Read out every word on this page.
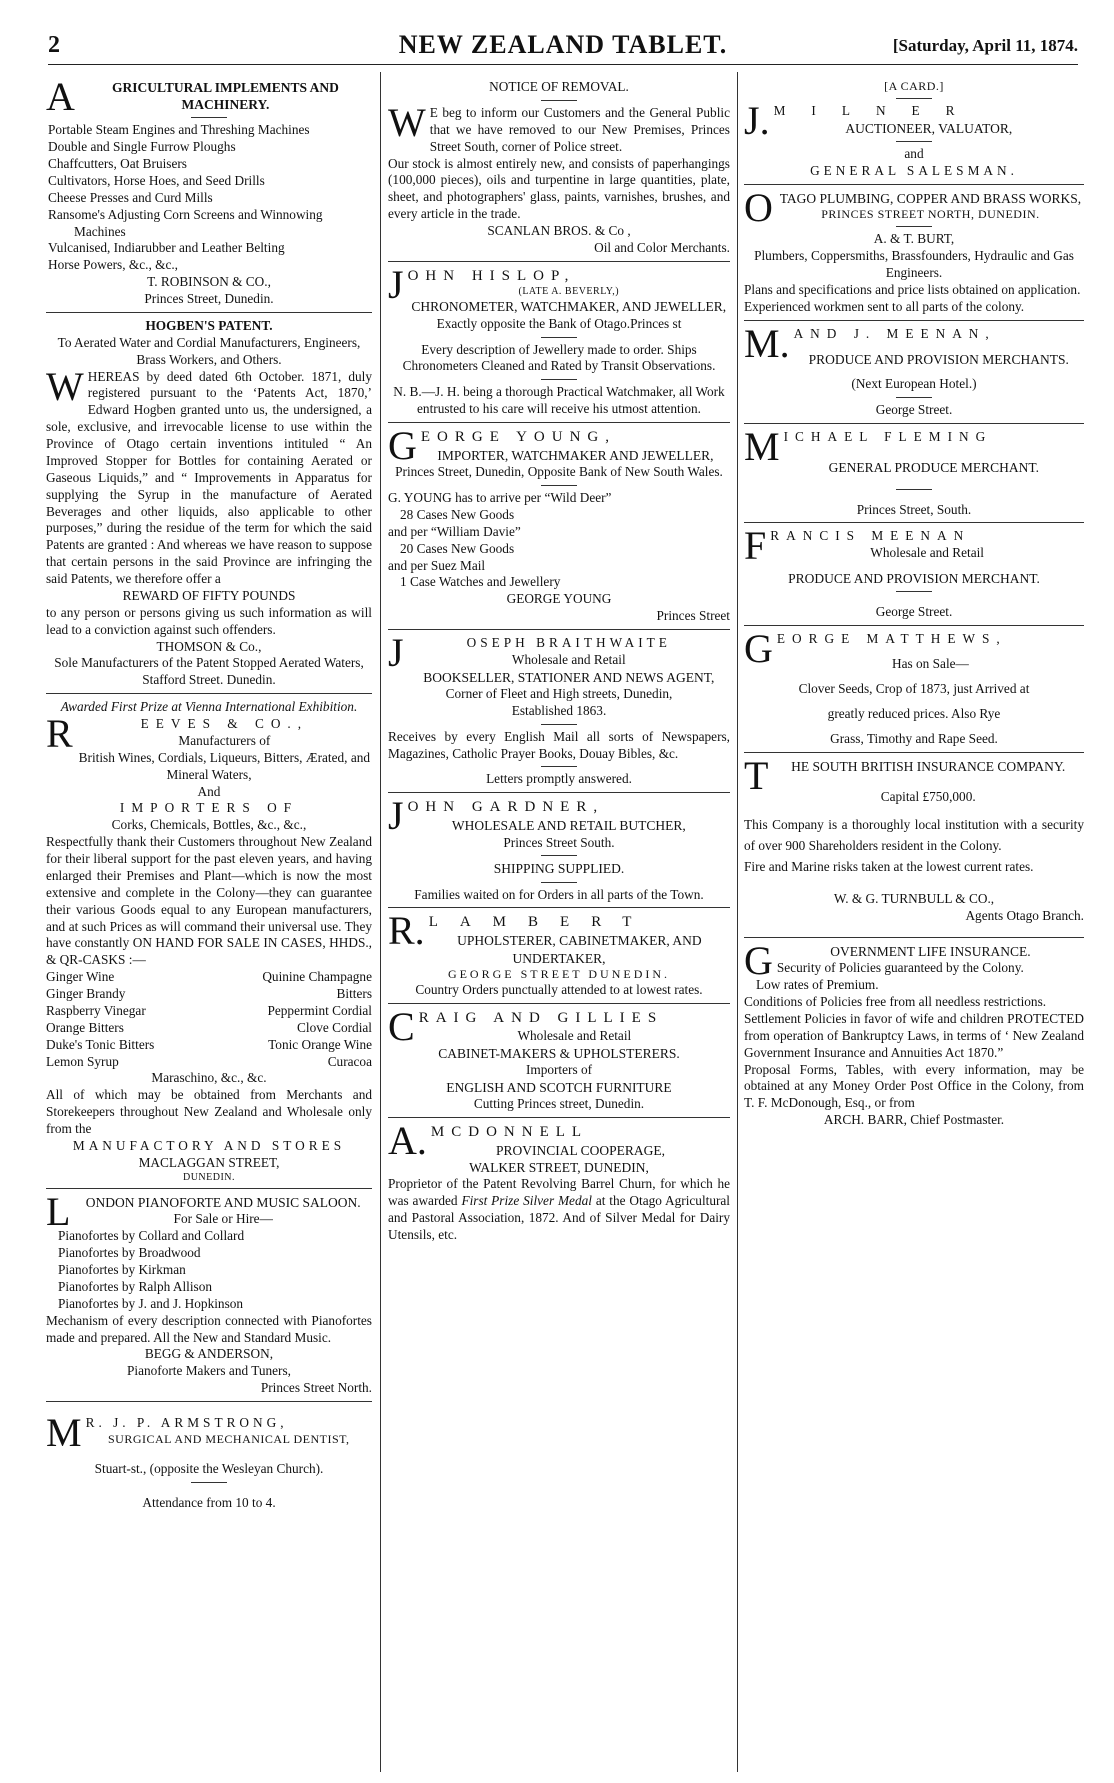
2	NEW ZEALAND TABLET.	[Saturday, April 11, 1874.
A	GRICULTURAL IMPLEMENTS AND MACHINERY.

Portable Steam Engines and Threshing Machines

Double and Single Furrow Ploughs

Chaffcutters, Oat Bruisers

Cultivators, Horse Hoes, and Seed Drills

Cheese Presses and Curd Mills

Ransome's Adjusting Corn Screens and Winnowing Machines

Vulcanised, Indiarubber and Leather Belting

Horse Powers, &c., &c.,

T. ROBINSON & CO.,
Princes Street, Dunedin.
HOGBEN'S PATENT.
To Aerated Water and Cordial Manufacturers, Engineers, Brass Workers, and Others.
WHEREAS by deed dated 6th October. 1871, duly registered pursuant to the ‘Patents Act, 1870,’ Edward Hogben granted unto us, the undersigned, a sole, exclusive, and irrevocable license to use within the Province of Otago certain inventions intituled “ An Improved Stopper for Bottles for containing Aerated or Gaseous Liquids,” and “ Improvements in Apparatus for supplying the Syrup in the manufacture of Aerated Beverages and other liquids, also applicable to other purposes,” during the residue of the term for which the said Patents are granted : And whereas we have reason to suppose that certain persons in the said Province are infringing the said Patents, we therefore offer a
REWARD OF FIFTY POUNDS
to any person or persons giving us such information as will lead to a conviction against such offenders.
THOMSON & Co.,
Sole Manufacturers of the Patent Stopped Aerated Waters, Stafford Street. Dunedin.
Awarded First Prize at Vienna International Exhibition.
R	EEVES & CO.,
Manufacturers of
British Wines, Cordials, Liqueurs, Bitters, Ærated, and Mineral Waters,
And
IMPORTERS OF
Corks, Chemicals, Bottles, &c., &c.,
Respectfully thank their Customers throughout New Zealand for their liberal support for the past eleven years, and having enlarged their Premises and Plant—which is now the most extensive and complete in the Colony—they can guarantee their various Goods equal to any European manufacturers, and at such Prices as will command their universal use. They have constantly ON HAND FOR SALE IN CASES, HHDS., & QR-CASKS :—
Ginger Wine	Quinine Champagne
Ginger Brandy	Bitters
Raspberry Vinegar	Peppermint Cordial
Orange Bitters	Clove Cordial
Duke's Tonic Bitters	Tonic Orange Wine
Lemon Syrup	Curacoa
Maraschino, &c., &c.
All of which may be obtained from Merchants and Storekeepers throughout New Zealand and Wholesale only from the
MANUFACTORY AND STORES
MACLAGGAN STREET,
DUNEDIN.
L ONDON PIANOFORTE AND MUSIC SALOON.
For Sale or Hire—
Pianofortes by Collard and Collard
Pianofortes by Broadwood
Pianofortes by Kirkman
Pianofortes by Ralph Allison
Pianofortes by J. and J. Hopkinson
Mechanism of every description connected with Pianofortes made and prepared. All the New and Standard Music.
BEGG & ANDERSON,
Pianoforte Makers and Tuners,
Princes Street North.
M R. J. P. ARMSTRONG,
SURGICAL AND MECHANICAL DENTIST,
Stuart-st., (opposite the Wesleyan Church).
Attendance from 10 to 4.
NOTICE OF REMOVAL.
W E beg to inform our Customers and the General Public that we have removed to our New Premises, Princes Street South, corner of Police street.
Our stock is almost entirely new, and consists of paperhangings (100,000 pieces), oils and turpentine in large quantities, plate, sheet, and photographers' glass, paints, varnishes, brushes, and every article in the trade.
SCANLAN BROS. & Co ,
Oil and Color Merchants.
JOHN HISLOP,
(LATE A. BEVERLY,)
CHRONOMETER, WATCHMAKER, AND JEWELLER,
Exactly opposite the Bank of Otago.Princes st
Every description of Jewellery made to order. Ships Chronometers Cleaned and Rated by Transit Observations.
N. B.—J. H. being a thorough Practical Watchmaker, all Work entrusted to his care will receive his utmost attention.
GEORGE YOUNG,
IMPORTER, WATCHMAKER AND JEWELLER,
Princes Street, Dunedin, Opposite Bank of New South Wales.
G. YOUNG has to arrive per “Wild Deer”
28 Cases New Goods
and per “William Davie”
20 Cases New Goods
and per Suez Mail
1 Case Watches and Jewellery
GEORGE YOUNG
Princes Street
J	OSEPH BRAITHWAITE
Wholesale and Retail
BOOKSELLER, STATIONER AND NEWS AGENT,
Corner of Fleet and High streets, Dunedin,
Established 1863.
Receives by every English Mail all sorts of Newspapers, Magazines, Catholic Prayer Books, Douay Bibles, &c.
Letters promptly answered.
JOHN GARDNER,
WHOLESALE AND RETAIL BUTCHER,
Princes Street South.
SHIPPING SUPPLIED.
Families waited on for Orders in all parts of the Town.
R. LAMBERT
UPHOLSTERER, CABINETMAKER, AND UNDERTAKER,
GEORGE STREET DUNEDIN.
Country Orders punctually attended to at lowest rates.
CRAIG AND GILLIES
Wholesale and Retail
CABINET-MAKERS & UPHOLSTERERS.
Importers of
ENGLISH AND SCOTCH FURNITURE
Cutting Princes street, Dunedin.
A. MCDONNELL
PROVINCIAL COOPERAGE,
WALKER STREET, DUNEDIN,
Proprietor of the Patent Revolving Barrel Churn, for which he was awarded First Prize Silver Medal at the Otago Agricultural and Pastoral Association, 1872. And of Silver Medal for Dairy Utensils, etc.
[A CARD.]
J. MILNER
AUCTIONEER, VALUATOR,
and
GENERAL SALESMAN.
OTAGO PLUMBING, COPPER AND BRASS WORKS,
PRINCES STREET NORTH, DUNEDIN.
A. & T. BURT,
Plumbers, Coppersmiths, Brassfounders, Hydraulic and Gas Engineers.
Plans and specifications and price lists obtained on application.
Experienced workmen sent to all parts of the colony.
M. AND J. MEENAN,
PRODUCE AND PROVISION MERCHANTS.
(Next European Hotel.)
George Street.
MICHAEL FLEMING
GENERAL PRODUCE MERCHANT.
Princes Street, South.
FRANCIS MEENAN
Wholesale and Retail
PRODUCE AND PROVISION MERCHANT.
George Street.
GEORGE MATTHEWS,
Has on Sale—
Clover Seeds, Crop of 1873, just Arrived at
greatly reduced prices. Also Rye
Grass, Timothy and Rape Seed.
T HE SOUTH BRITISH INSURANCE COMPANY.
Capital £750,000.
This Company is a thoroughly local institution with a security of over 900 Shareholders resident in the Colony.
Fire and Marine risks taken at the lowest current rates.
W. & G. TURNBULL & CO.,
Agents Otago Branch.
G	OVERNMENT LIFE INSURANCE.
Security of Policies guaranteed by the Colony.
Low rates of Premium.
Conditions of Policies free from all needless restrictions.
Settlement Policies in favor of wife and children PROTECTED from operation of Bankruptcy Laws, in terms of ‘ New Zealand Government Insurance and Annuities Act 1870.”
Proposal Forms, Tables, with every information, may be obtained at any Money Order Post Office in the Colony, from T. F. McDonough, Esq., or from
ARCH. BARR, Chief Postmaster.
